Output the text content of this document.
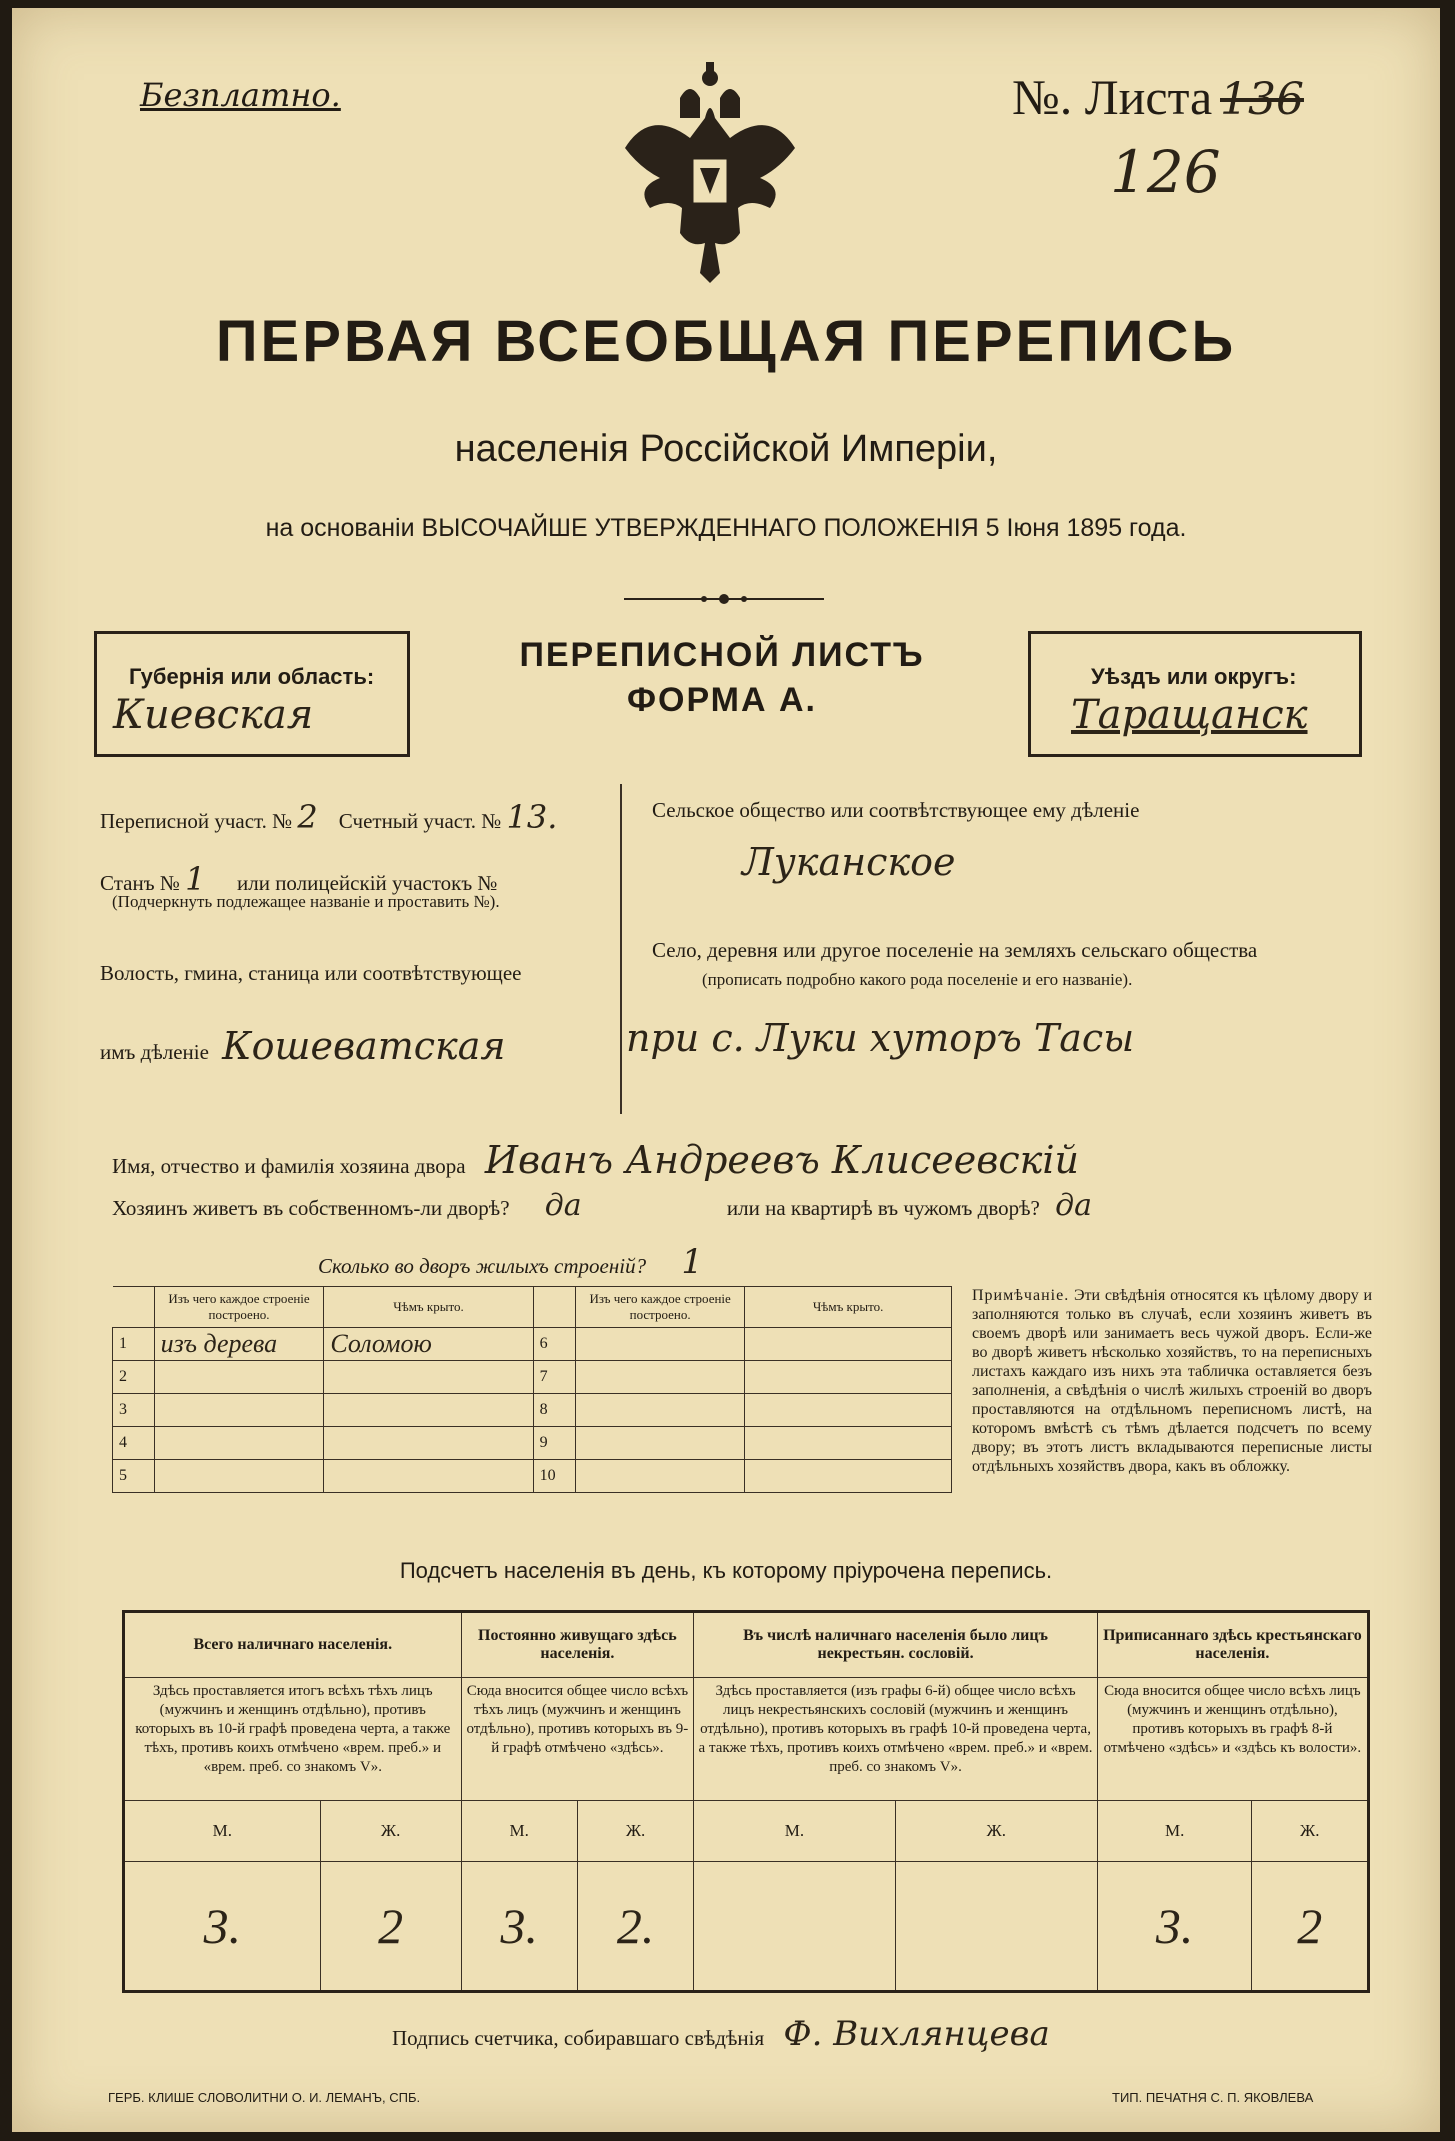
Безплатно.	№. Листа 136
126
ПЕРВАЯ ВСЕОБЩАЯ ПЕРЕПИСЬ
населенія Россійской Имперіи,
на основаніи ВЫСОЧАЙШЕ УТВЕРЖДЕННАГО ПОЛОЖЕНІЯ 5 Іюня 1895 года.
Губернія или область:
Киевская
ПЕРЕПИСНОЙ ЛИСТЪ
ФОРМА А.
Уѣздъ или округъ:
Таращанск
Переписной участ. № 2 Счетный участ. № 13.
Станъ № 1 или полицейскій участокъ №
(Подчеркнуть подлежащее названіе и проставить №).
Волость, гмина, станица или соотвѣтствующее
имъ дѣленіе Кошеватская
Сельское общество или соотвѣтствующее ему дѣленіе
Луканское
Село, деревня или другое поселеніе на земляхъ сельскаго общества
(прописать подробно какого рода поселеніе и его названіе).
при с. Луки хуторъ Тасы
Имя, отчество и фамилія хозяина двора Иванъ Андреевъ Клисеевскій
Хозяинъ живетъ въ собственномъ-ли дворѣ? да	или на квартирѣ въ чужомъ дворѣ? да
Сколько во дворъ жилыхъ строеній? 1
	Изъ чего каждое строеніе построено.	Чѣмъ крыто.		Изъ чего каждое строеніе построено.	Чѣмъ крыто.
1	изъ дерева	Соломою	6		
2			7		
3			8		
4			9		
5			10		
Примѣчаніе. Эти свѣдѣнія относятся къ цѣлому двору и заполняются только въ случаѣ, если хозяинъ живетъ въ своемъ дворѣ или занимаетъ весь чужой дворъ. Если-же во дворѣ живетъ нѣсколько хозяйствъ, то на переписныхъ листахъ каждаго изъ нихъ эта табличка оставляется безъ заполненія, а свѣдѣнія о числѣ жилыхъ строеній во дворъ проставляются на отдѣльномъ переписномъ листѣ, на которомъ вмѣстѣ съ тѣмъ дѣлается подсчетъ по всему двору; въ этотъ листъ вкладываются переписные листы отдѣльныхъ хозяйствъ двора, какъ въ обложку.
Подсчетъ населенія въ день, къ которому пріурочена перепись.
Всего наличнаго населенія.		Постоянно живущаго здѣсь населенія.		Въ числѣ наличнаго населенія было лицъ некрестьян. сословій.		Приписаннаго здѣсь крестьянскаго населенія.	
Здѣсь проставляется итогъ всѣхъ тѣхъ лицъ (мужчинъ и женщинъ отдѣльно), противъ которыхъ въ 10-й графѣ проведена черта, а также тѣхъ, противъ коихъ отмѣчено «врем. преб.» и «врем. преб. со знакомъ V».		Сюда вносится общее число всѣхъ тѣхъ лицъ (мужчинъ и женщинъ отдѣльно), противъ которыхъ въ 9-й графѣ отмѣчено «здѣсь».		Здѣсь проставляется (изъ графы 6-й) общее число всѣхъ лицъ некрестьянскихъ сословій (мужчинъ и женщинъ отдѣльно), противъ которыхъ въ графѣ 10-й проведена черта, а также тѣхъ, противъ коихъ отмѣчено «врем. преб.» и «врем. преб. со знакомъ V».		Сюда вносится общее число всѣхъ лицъ (мужчинъ и женщинъ отдѣльно), противъ которыхъ въ графѣ 8-й отмѣчено «здѣсь» и «здѣсь къ волости».	
М.	Ж.	М.	Ж.	М.	Ж.	М.	Ж.
3.	2	3.	2.			3.	2
Подпись счетчика, собиравшаго свѣдѣнія Ф. Вихлянцева
ГЕРБ. КЛИШЕ СЛОВОЛИТНИ О. И. ЛЕМАНЪ, СПБ.	ТИП. ПЕЧАТНЯ С. П. ЯКОВЛЕВА
